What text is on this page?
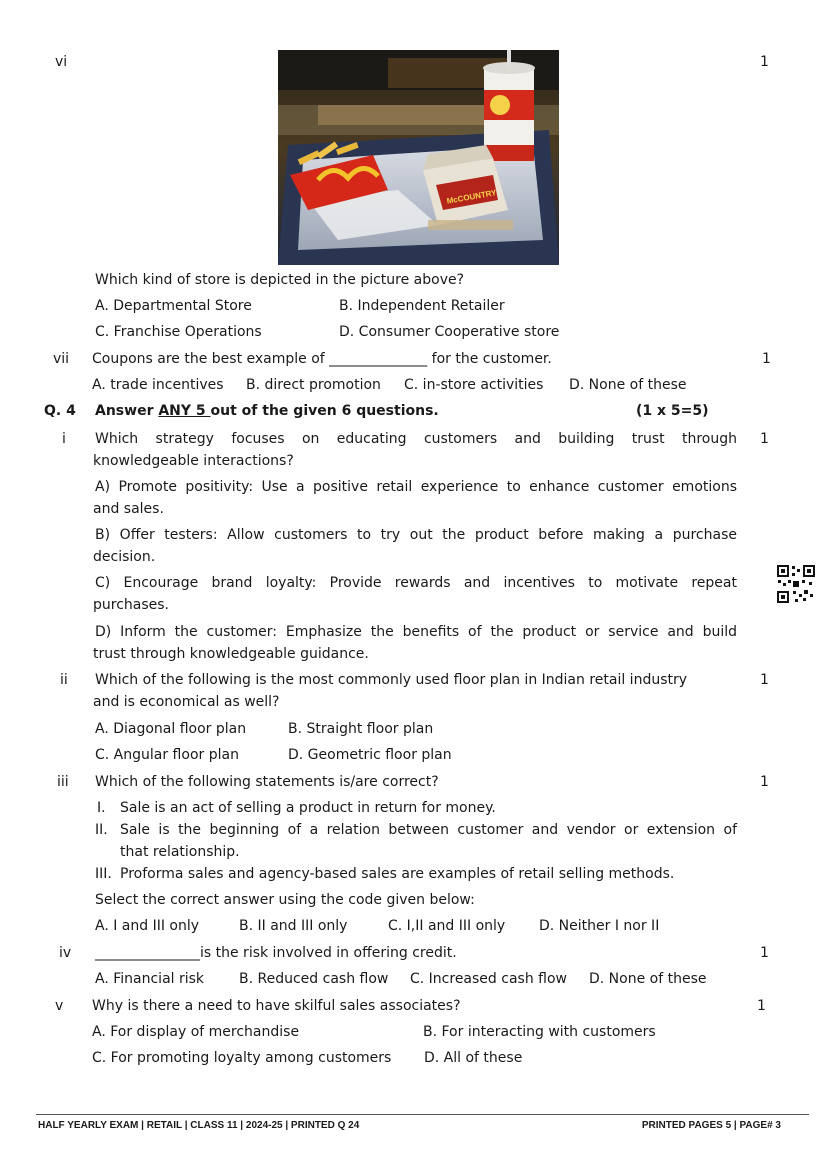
vi	1
McCOUNTRY
Which kind of store is depicted in the picture above?
A. Departmental Store	B. Independent Retailer
C. Franchise Operations	D. Consumer Cooperative store
vii Coupons are the best example of ______________ for the customer.	1
A. trade incentives B. direct promotion C. in-store activities D. None of these
Q. 4 Answer ANY 5 out of the given 6 questions.	(1 x 5=5)
i Which strategy focuses on educating customers and building trust through 1
knowledgeable interactions?
A) Promote positivity: Use a positive retail experience to enhance customer emotions
and sales.
B) Offer testers: Allow customers to try out the product before making a purchase
decision.
C) Encourage brand loyalty: Provide rewards and incentives to motivate repeat
purchases.
D) Inform the customer: Emphasize the benefits of the product or service and build
trust through knowledgeable guidance.
ii Which of the following is the most commonly used floor plan in Indian retail industry	1
and is economical as well?
A. Diagonal floor plan	B. Straight floor plan
C. Angular floor plan	D. Geometric floor plan
iii Which of the following statements is/are correct?	1
I. Sale is an act of selling a product in return for money.
II. Sale is the beginning of a relation between customer and vendor or extension of
that relationship.
III. Proforma sales and agency-based sales are examples of retail selling methods.
Select the correct answer using the code given below:
A. I and III only	B. II and III only	C. I,II and III only D. Neither I nor II
iv _______________is the risk involved in offering credit.	1
A. Financial risk B. Reduced cash flow C. Increased cash flow D. None of these
v Why is there a need to have skilful sales associates?	1
A. For display of merchandise	B. For interacting with customers
C. For promoting loyalty among customers D. All of these
HALF YEARLY EXAM | RETAIL | CLASS 11 | 2024-25 | PRINTED Q 24	PRINTED PAGES 5 | PAGE# 3
